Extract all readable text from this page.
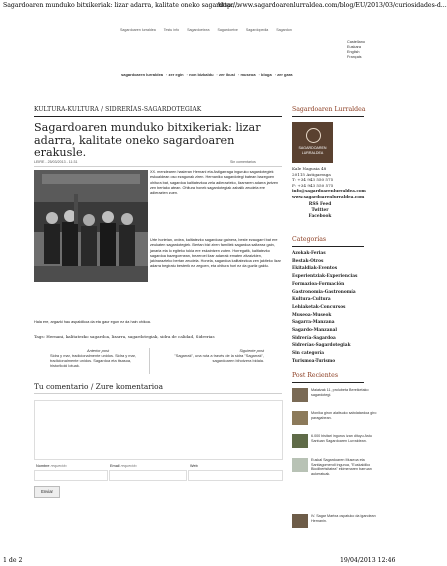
Sagardoaren munduko bitxikeriak: lizar adarra, kalitate oneko sagardoar...
http://www.sagardoarenlurraldea.com/blog/EU/2013/03/curiosidades-d...
Sagardoaren lurraldea Testu info Sagardoetxea Sagardoetxe Sagardopedia Sagardon
Castellano
Euskara
English
Français
sagardoaren lurraldea · zer egin · non bizkaldu · zer ikusi · museoa · bloga · zer gara
KULTURA-KULTURA / SIDRERÍAS-SAGARDOTEGIAK
Sagardoaren munduko bitxikeriak: lizar adarra, kalitate oneko sagardoaren erakusle.
LEIRE - 25/03/2013 - 11:31	Sin comentarios

XX. mendearen hasieran Hernani eta Astigarraga inguruko sagardotegiek eskualdean oso ezagunak ziren. Hernaniko sagardotegi batean bazegoen ohitura bat, sagardoa kalitatezkoa zela adierazteko, lizarraren adarra jartzen zen bertako atean. Ohitura honek sagardotegiak zabalik zeudela ere adierazten zuen.

Urte horietan, ordea, kalitatezko sagardoaz gainera, beste ezaugarri bat ere zeukaten sagardotegiek. Bertan bizi ziren familiek sagardoa saltzeaz gain, janaria eta lo egiteko tokia ere eskaintzen zuten. Horregatik, kalitatezko sagardoa bazegoenean, bezeroei lizar adarrak ematen zitzaizkien, jakinarazteko bertan zeudela. Honela, sagardoa kalitatezkoa zen jakiteko lizar adarra begiratu besterik ez zegoen, eta ohitura hori ez da guztiz galdu.

Hala ere, argazki hau aspaldikoa da eta gaur egun ez da hain ohikoa.

Tags: Hernani, kalitatezko sagardoa, lizarra, sagardotegiak, sidra de calidad, Sidrerias
Anterior post
Sidra y mar, tradicionalmente unidos. Sidra y mar, tradicionalmente unidos. Sagardoa eta itsasoa, historikoki lotuak.
Siguiente post
"Sagarrak", una ruta a través de la sidra "Sagarrak", sagardoaren bihotzera bidaia.
Tu comentario / Zure komentarioa
Nombre requerido	Email requerido	Web
Enviar
Sagardoaren Lurraldea
SAGARDOAREN
LURRALDEA
Kale Nagusia 48
20115 Astigarraga
T: +34 943 550 575
F: +34 943 550 575
info@sagardoarenlurraldea.com
www.sagardoarenlurraldea.com
RSS Feed
Twitter
Facebook
Categorías
Azokak-Ferias
Bestak-Otros
Ekitaldiak-Eventos
Esperientziak-Experiencias
Formazioa-Formación
Gastronomia-Gastronomía
Kultura-Cultura
Lehiaketak-Concursos
Museoa-Museok
Sagarra-Manzana
Sagardo-Manzanal
Sidrería-Sagardoa
Sidrerías-Sagardotegiak
Sin categoría
Turismoa-Turismo
Post Recientes
Maiatzak 11, prolubeta Bereiketako sagardotegi.
Monika giron alaitsuko sabdatardoa giro paragabean.
6.000 bisitari ingurus izan dituyu Astu Santuan Sagardoaren Lurraldean.
Euskal Sagardoaren Museoa eta Santiagomendi ingurua, "Euskaldiko Biodibertsitatea" ekimenaren barruan aukeratuak.
IV. Sagar Martxa ospatuko da igandean Hernanin.
1 de 2	19/04/2013 12:46
